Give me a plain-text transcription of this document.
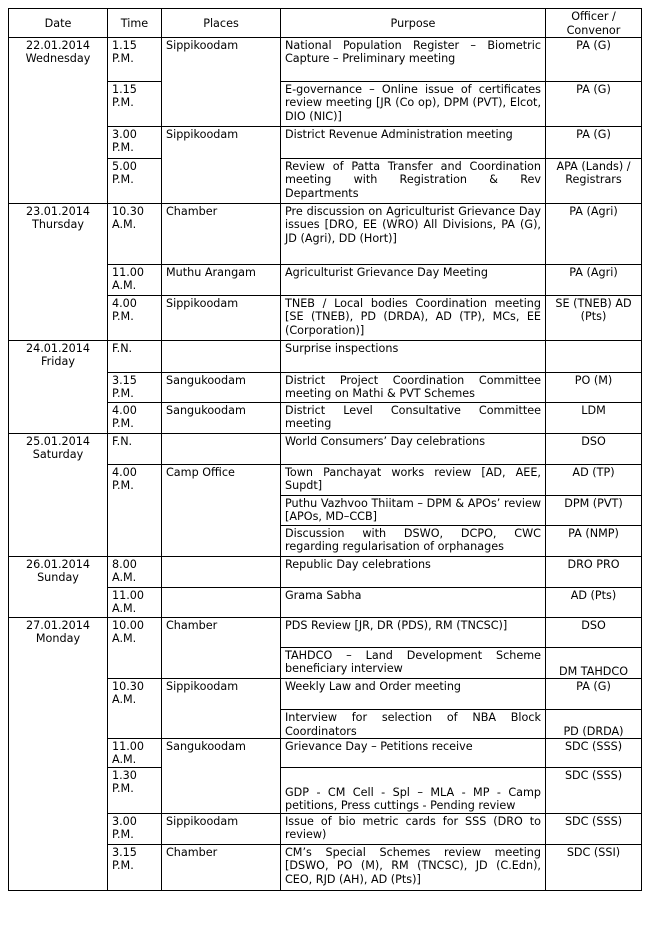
Date	Time	Places	Purpose	Officer /
Convenor
22.01.2014
Wednesday	1.15 P.M.	Sippikoodam	National Population Register – Biometric Capture – Preliminary meeting	PA (G)
	1.15 P.M.		E-governance – Online issue of certificates review meeting [JR (Co op), DPM (PVT), Elcot, DIO (NIC)]	PA (G)
	3.00 P.M.	Sippikoodam	District Revenue Administration meeting	PA (G)
	5.00 P.M.		Review of Patta Transfer and Coordination meeting with Registration & Rev Departments	APA (Lands) / Registrars
23.01.2014
Thursday	10.30 A.M.	Chamber	Pre discussion on Agriculturist Grievance Day issues [DRO, EE (WRO) All Divisions, PA (G), JD (Agri), DD (Hort)]	PA (Agri)
	11.00 A.M.	Muthu Arangam	Agriculturist Grievance Day Meeting	PA (Agri)
	4.00 P.M.	Sippikoodam	TNEB / Local bodies Coordination meeting [SE (TNEB), PD (DRDA), AD (TP), MCs, EE (Corporation)]	SE (TNEB) AD (Pts)
24.01.2014
Friday	F.N.		Surprise inspections	
	3.15 P.M.	Sangukoodam	District Project Coordination Committee meeting on Mathi & PVT Schemes	PO (M)
	4.00 P.M.	Sangukoodam	District Level Consultative Committee meeting	LDM
25.01.2014
Saturday	F.N.		World Consumers’ Day celebrations	DSO
	4.00 P.M.	Camp Office	Town Panchayat works review [AD, AEE, Supdt]	AD (TP)
			Puthu Vazhvoo Thiitam – DPM & APOs’ review [APOs, MD–CCB]	DPM (PVT)
			Discussion with DSWO, DCPO, CWC regarding regularisation of orphanages	PA (NMP)
26.01.2014
Sunday	8.00 A.M.		Republic Day celebrations	DRO PRO
	11.00 A.M.		Grama Sabha	AD (Pts)
27.01.2014
Monday	10.00 A.M.	Chamber	PDS Review [JR, DR (PDS), RM (TNCSC)]	DSO
			TAHDCO – Land Development Scheme beneficiary interview	DM TAHDCO
	10.30 A.M.	Sippikoodam	Weekly Law and Order meeting	PA (G)
			Interview for selection of NBA Block Coordinators	PD (DRDA)
	11.00 A.M.	Sangukoodam	Grievance Day – Petitions receive	SDC (SSS)
	1.30 P.M.		GDP - CM Cell - Spl – MLA - MP - Camp petitions, Press cuttings - Pending review	SDC (SSS)
	3.00 P.M.	Sippikoodam	Issue of bio metric cards for SSS (DRO to review)	SDC (SSS)
	3.15 P.M.	Chamber	CM’s Special Schemes review meeting [DSWO, PO (M), RM (TNCSC), JD (C.Edn), CEO, RJD (AH), AD (Pts)]	SDC (SSI)
